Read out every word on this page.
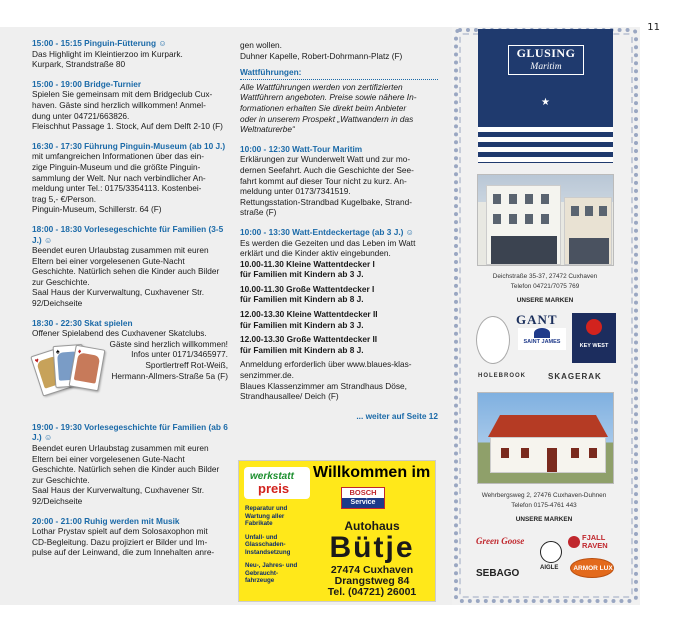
11
15:00 - 15:15 Pinguin-Fütterung ☺

Das Highlight im Kleintierzoo im Kurpark.

Kurpark, Strandstraße 80

15:00 - 19:00 Bridge-Turnier

Spielen Sie gemeinsam mit dem Bridgeclub Cux-

haven. Gäste sind herzlich willkommen! Anmel-

dung unter 04721/663826.

Fleischhut Passage 1. Stock, Auf dem Delft 2-10 (F)

16:30 - 17:30 Führung Pinguin-Museum (ab 10 J.)

mit umfangreichen Informationen über das ein-

zige Pinguin-Museum und die größte Pinguin-

sammlung der Welt. Nur nach verbindlicher An-

meldung unter Tel.: 0175/3354113. Kostenbei-

trag 5,- €/Person.

Pinguin-Museum, Schillerstr. 64 (F)

18:00 - 18:30 Vorlesegeschichte für Familien (3-5 J.) ☺

Beendet euren Urlaubstag zusammen mit euren

Eltern bei einer vorgelesenen Gute-Nacht

Geschichte. Natürlich sehen die Kinder auch Bilder

zur Geschichte.

Saal Haus der Kurverwaltung, Cuxhavener Str.

92/Deichseite

18:30 - 22:30 Skat spielen

Offener Spielabend des Cuxhavener Skatclubs.

♥
♠ ♦

Gäste sind herzlich willkommen!

Infos unter 0171/3465977.

Sportlertreff Rot-Weiß,

Hermann-Allmers-Straße 5a (F)

19:00 - 19:30 Vorlesegeschichte für Familien (ab 6 J.) ☺

Beendet euren Urlaubstag zusammen mit euren

Eltern bei einer vorgelesenen Gute-Nacht

Geschichte. Natürlich sehen die Kinder auch Bilder

zur Geschichte.

Saal Haus der Kurverwaltung, Cuxhavener Str.

92/Deichseite

20:00 - 21:00 Ruhig werden mit Musik

Lothar Prystav spielt auf dem Solosaxophon mit

CD-Begleitung. Dazu projiziert er Bilder und Im-

pulse auf der Leinwand, die zum Innehalten anre-

gen wollen.

Duhner Kapelle, Robert-Dohrmann-Platz (F)

Wattführungen:

Alle Wattführungen werden von zertifizierten

Wattführern angeboten. Preise sowie nähere In-

formationen erhalten Sie direkt beim Anbieter

oder in unserem Prospekt „Wattwandern in das

Weltnaturerbe“

10:00 - 12:30 Watt-Tour Maritim

Erklärungen zur Wunderwelt Watt und zur mo-

dernen Seefahrt. Auch die Geschichte der See-

fahrt kommt auf dieser Tour nicht zu kurz. An-

meldung unter 0173/7341519.

Rettungsstation-Strandbad Kugelbake, Strand-

straße (F)

10:00 - 13:30 Watt-Entdeckertage (ab 3 J.) ☺

Es werden die Gezeiten und das Leben im Watt

erklärt und die Kinder aktiv eingebunden.

10.00-11.30 Kleine Wattentdecker I

für Familien mit Kindern ab 3 J.

10.00-11.30 Große Wattentdecker I

für Familien mit Kindern ab 8 J.

12.00-13.30 Kleine Wattentdecker II

für Familien mit Kindern ab 3 J.

12.00-13.30 Große Wattentdecker II

für Familien mit Kindern ab 8 J.

Anmeldung erforderlich über www.blaues-klas-

senzimmer.de.

Blaues Klassenzimmer am Strandhaus Döse,

Strandhausallee/ Deich (F)

... weiter auf Seite 12
werkstatt
preis
Willkommen im
Reparatur und Wartung aller Fabrikate
Unfall- und Glasschaden-Instandsetzung
Neu-, Jahres- und Gebraucht-fahrzeuge
BOSCH
Service
Autohaus
Bütje
27474 Cuxhaven
Drangstweg 84
Tel. (04721) 26001
GLUSING
Maritim
★
Deichstraße 35-37, 27472 Cuxhaven
Telefon 04721/7075 769
UNSERE MARKEN
GANT
SAINT JAMES
KEY WEST
HOLEBROOK	SKAGERAK
Wehrbergsweg 2, 27476 Cuxhaven-Duhnen
Telefon 0175-4761 443
UNSERE MARKEN
Green Goose
AIGLE
FJALL RAVEN
SEBAGO	ARMOR LUX
